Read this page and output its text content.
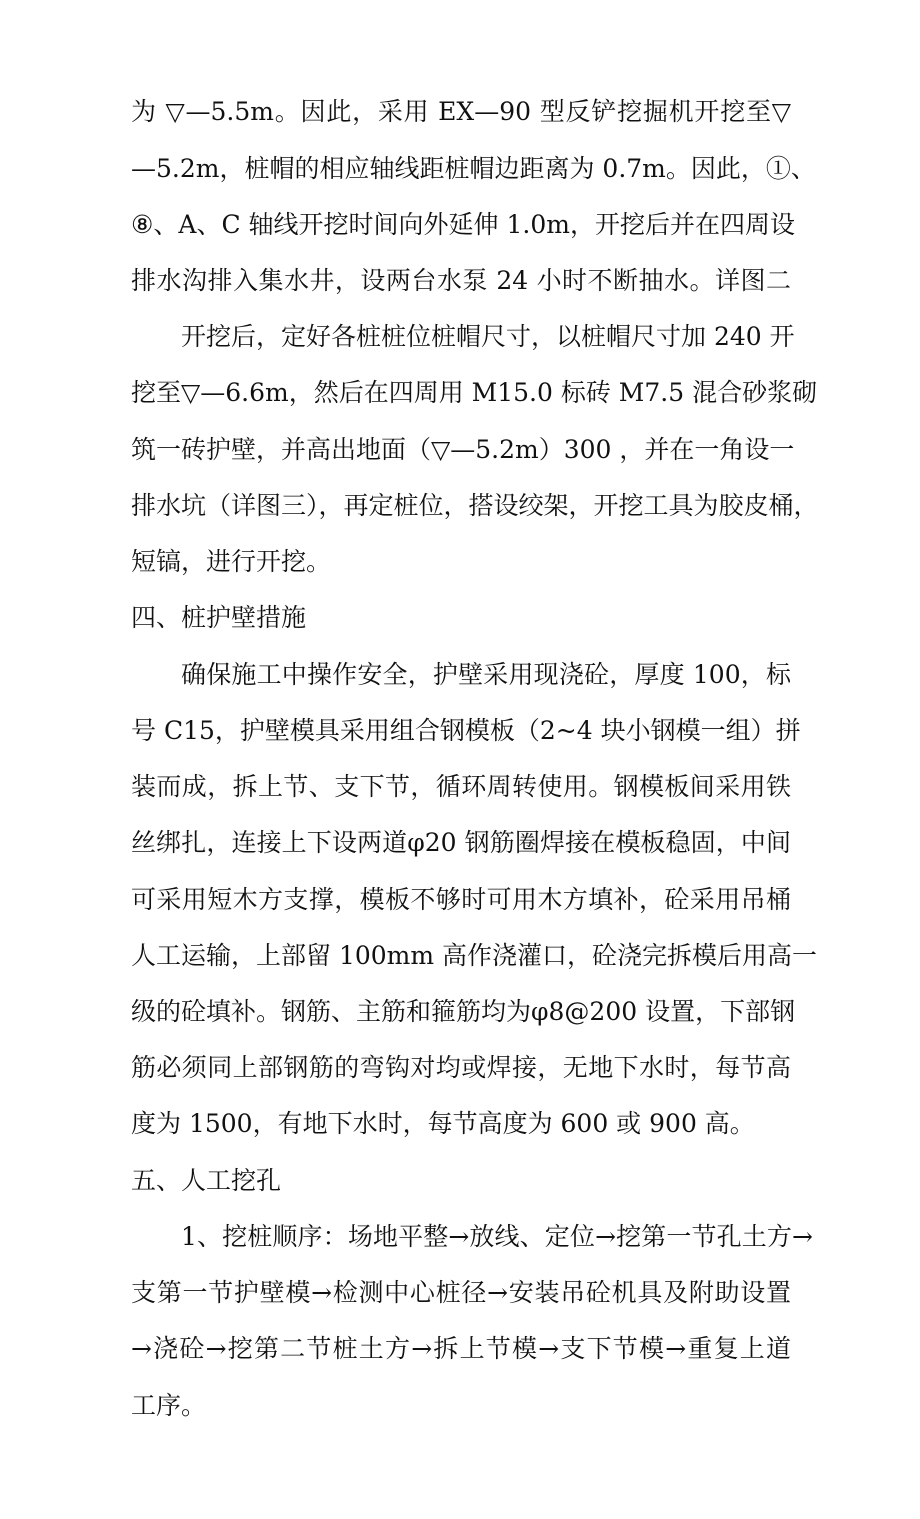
为 ▽—5.5m。因此，采用 EX—90 型反铲挖掘机开挖至▽
—5.2m，桩帽的相应轴线距桩帽边距离为 0.7m。因此，①、
⑧、A、C 轴线开挖时间向外延伸 1.0m，开挖后并在四周设
排水沟排入集水井，设两台水泵 24 小时不断抽水。详图二
开挖后，定好各桩桩位桩帽尺寸，以桩帽尺寸加 240 开
挖至▽—6.6m，然后在四周用 M15.0 标砖 M7.5 混合砂浆砌
筑一砖护壁，并高出地面（▽—5.2m）300 ，并在一角设一
排水坑（详图三），再定桩位，搭设绞架，开挖工具为胶皮桶，
短镐，进行开挖。
四、桩护壁措施
确保施工中操作安全，护壁采用现浇砼，厚度 100，标
号 C15，护壁模具采用组合钢模板（2~4 块小钢模一组）拼
装而成，拆上节、支下节，循环周转使用。钢模板间采用铁
丝绑扎，连接上下设两道φ20 钢筋圈焊接在模板稳固，中间
可采用短木方支撑，模板不够时可用木方填补，砼采用吊桶
人工运输，上部留 100mm 高作浇灌口，砼浇完拆模后用高一
级的砼填补。钢筋、主筋和箍筋均为φ8@200 设置，下部钢
筋必须同上部钢筋的弯钩对均或焊接，无地下水时，每节高
度为 1500，有地下水时，每节高度为 600 或 900 高。
五、人工挖孔
1、挖桩顺序：场地平整→放线、定位→挖第一节孔土方→
支第一节护壁模→检测中心桩径→安装吊砼机具及附助设置
→浇砼→挖第二节桩土方→拆上节模→支下节模→重复上道
工序。
